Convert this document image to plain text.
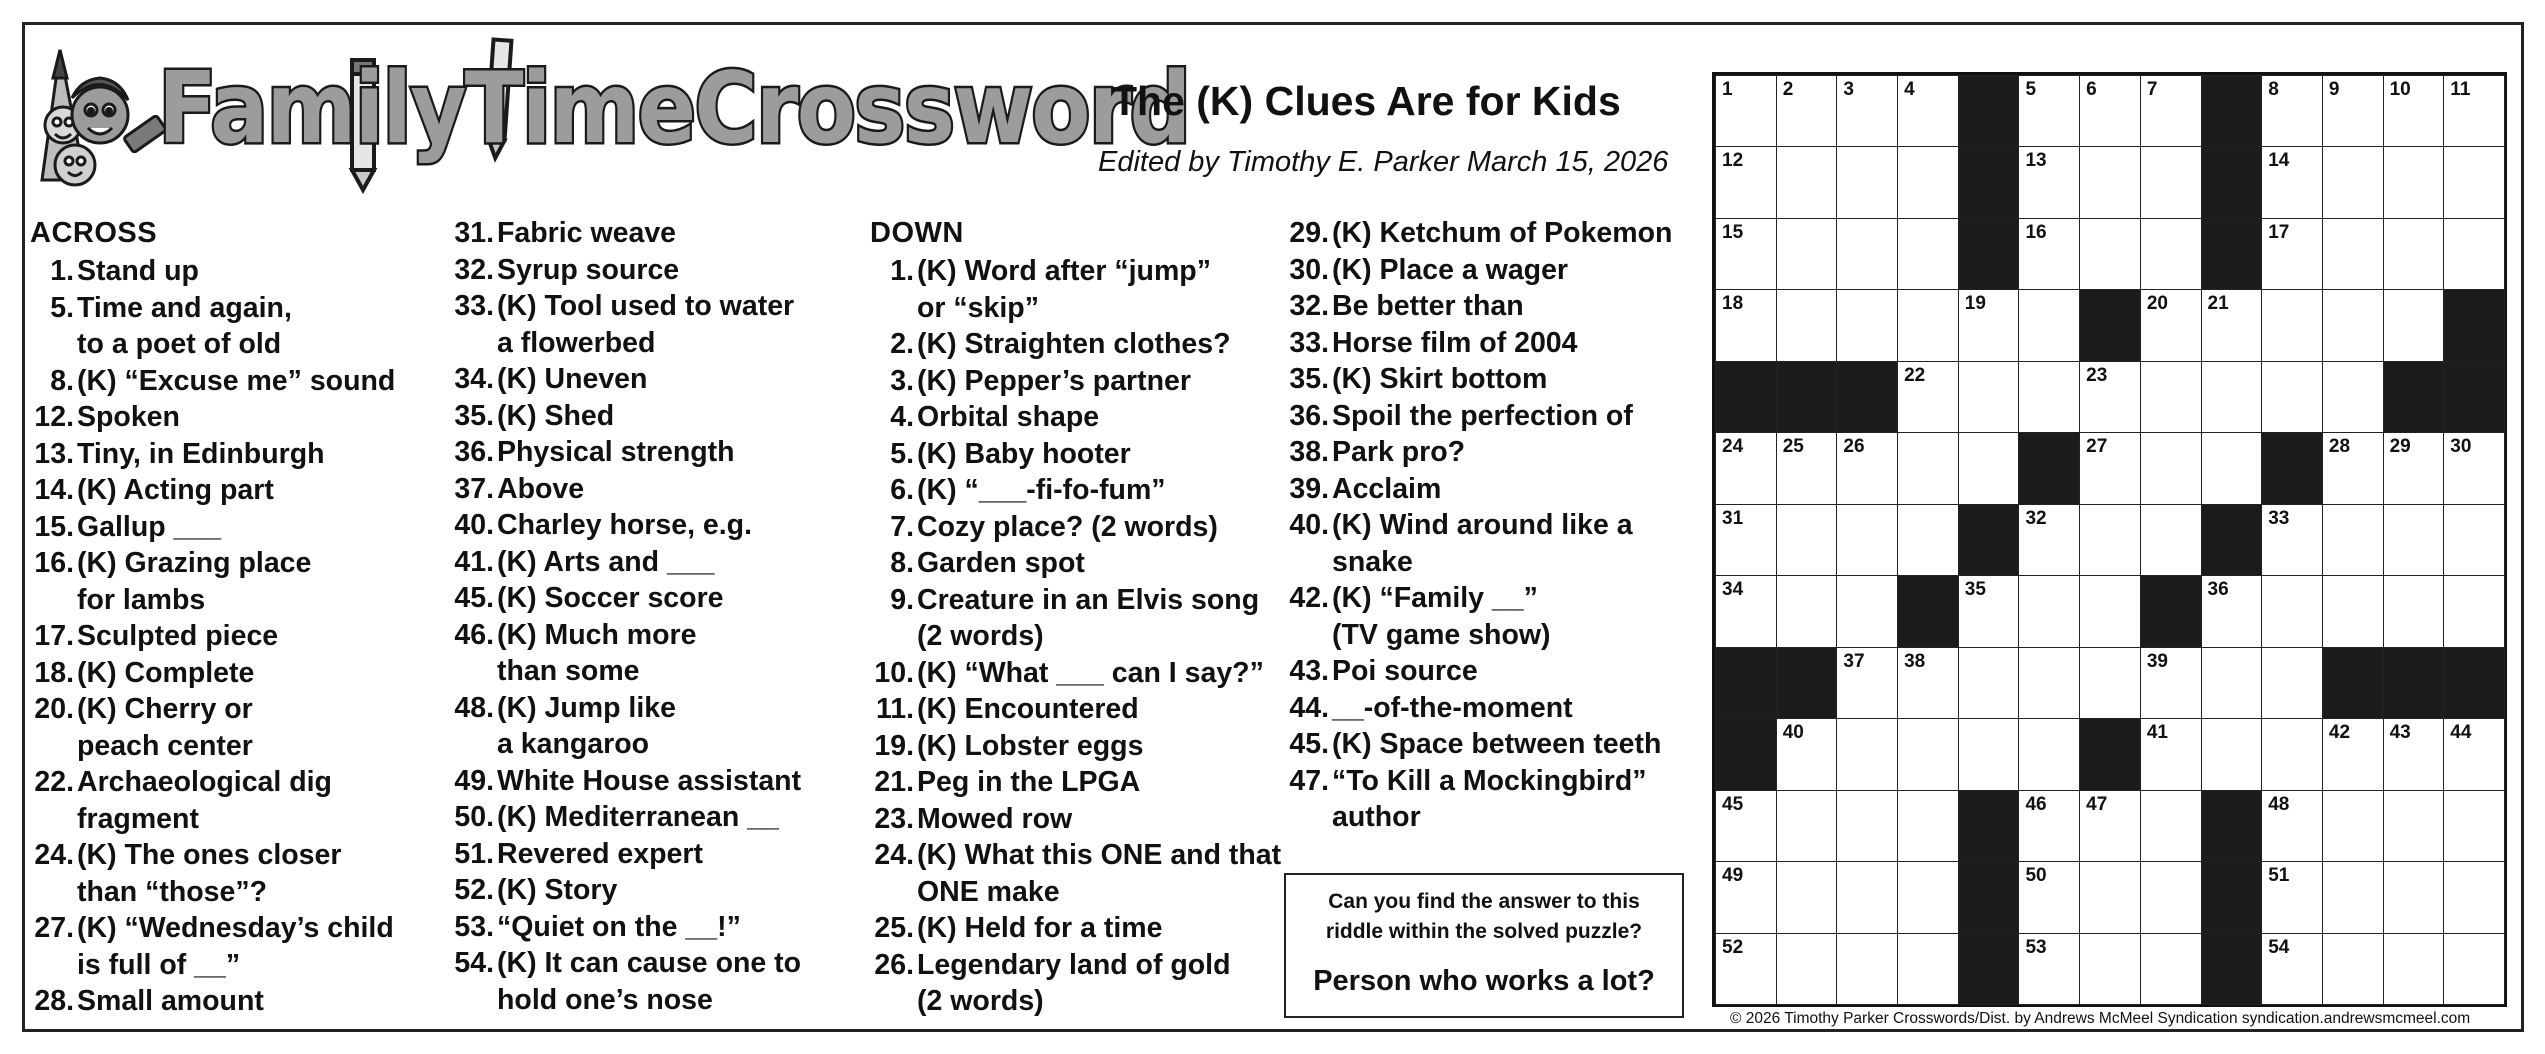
FamilyTimeCrossword
The (K) Clues Are for Kids
Edited by Timothy E. Parker March 15, 2026
ACROSS
1. Stand up
5. Time and again,
to a poet of old
8. (K) “Excuse me” sound
12. Spoken
13. Tiny, in Edinburgh
14. (K) Acting part
15. Gallup ___
16. (K) Grazing place
for lambs
17. Sculpted piece
18. (K) Complete
20. (K) Cherry or
peach center
22. Archaeological dig
fragment
24. (K) The ones closer
than “those”?
27. (K) “Wednesday’s child
is full of __”
28. Small amount
31. Fabric weave
32. Syrup source
33. (K) Tool used to water
a flowerbed
34. (K) Uneven
35. (K) Shed
36. Physical strength
37. Above
40. Charley horse, e.g.
41. (K) Arts and ___
45. (K) Soccer score
46. (K) Much more
than some
48. (K) Jump like
a kangaroo
49. White House assistant
50. (K) Mediterranean __
51. Revered expert
52. (K) Story
53. “Quiet on the __!”
54. (K) It can cause one to
hold one’s nose
DOWN
1. (K) Word after “jump”
or “skip”
2. (K) Straighten clothes?
3. (K) Pepper’s partner
4. Orbital shape
5. (K) Baby hooter
6. (K) “___-fi-fo-fum”
7. Cozy place? (2 words)
8. Garden spot
9. Creature in an Elvis song
(2 words)
10. (K) “What ___ can I say?”
11. (K) Encountered
19. (K) Lobster eggs
21. Peg in the LPGA
23. Mowed row
24. (K) What this ONE and that
ONE make
25. (K) Held for a time
26. Legendary land of gold
(2 words)
29. (K) Ketchum of Pokemon
30. (K) Place a wager
32. Be better than
33. Horse film of 2004
35. (K) Skirt bottom
36. Spoil the perfection of
38. Park pro?
39. Acclaim
40. (K) Wind around like a snake
42. (K) “Family __”
(TV game show)
43. Poi source
44. __-of-the-moment
45. (K) Space between teeth
47. “To Kill a Mockingbird”
author
Can you find the answer to this riddle within the solved puzzle?
Person who works a lot?
1	2	3	4	5	6	7	8	9	10 11
12	13	14
15	16	17
18	19	20 21
22	23
24 25 26	27	28 29 30
31	32	33
34	35	36
37 38	39
40	41	42 43 44
45	46 47	48
49	50	51
52	53	54
© 2026 Timothy Parker Crosswords/Dist. by Andrews McMeel Syndication syndication.andrewsmcmeel.com
